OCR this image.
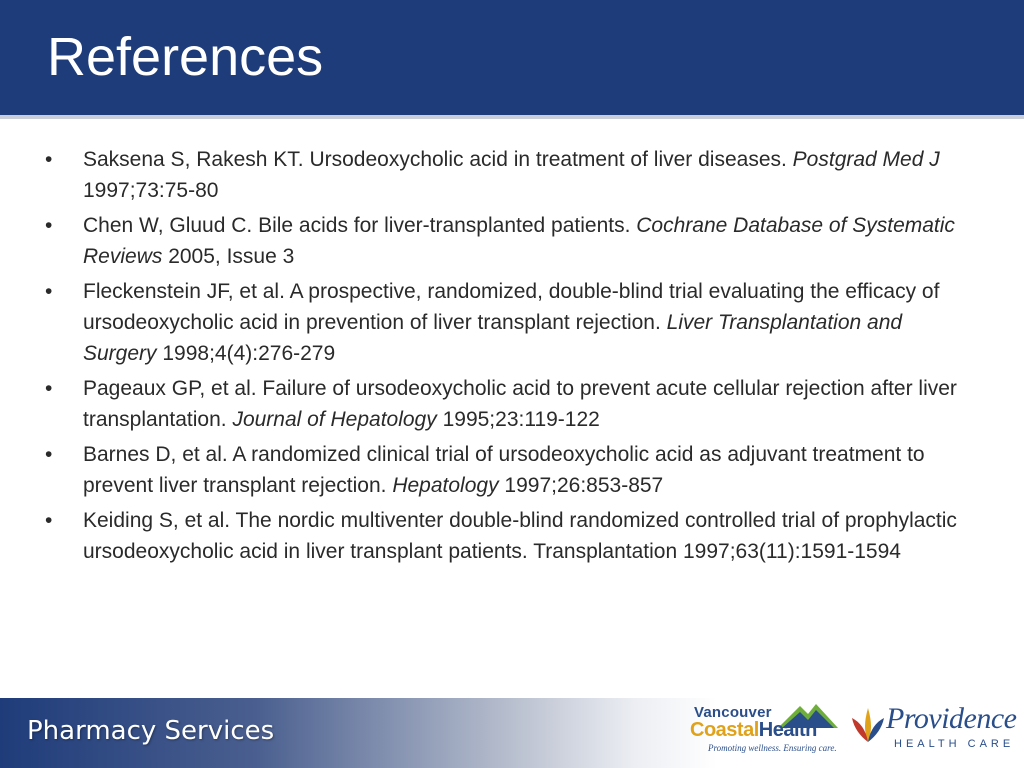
References
• Saksena S, Rakesh KT. Ursodeoxycholic acid in treatment of liver diseases. Postgrad Med J 1997;73:75-80
• Chen W, Gluud C. Bile acids for liver-transplanted patients. Cochrane Database of Systematic Reviews 2005, Issue 3
• Fleckenstein JF, et al. A prospective, randomized, double-blind trial evaluating the efficacy of ursodeoxycholic acid in prevention of liver transplant rejection. Liver Transplantation and Surgery 1998;4(4):276-279
• Pageaux GP, et al. Failure of ursodeoxycholic acid to prevent acute cellular rejection after liver transplantation. Journal of Hepatology 1995;23:119-122
• Barnes D, et al. A randomized clinical trial of ursodeoxycholic acid as adjuvant treatment to prevent liver transplant rejection. Hepatology 1997;26:853-857
• Keiding S, et al. The nordic multiventer double-blind randomized controlled trial of prophylactic ursodeoxycholic acid in liver transplant patients. Transplantation 1997;63(11):1591-1594
Pharmacy Services
Vancouver
CoastalHealth
Promoting wellness. Ensuring care.
Providence
HEALTH CARE
